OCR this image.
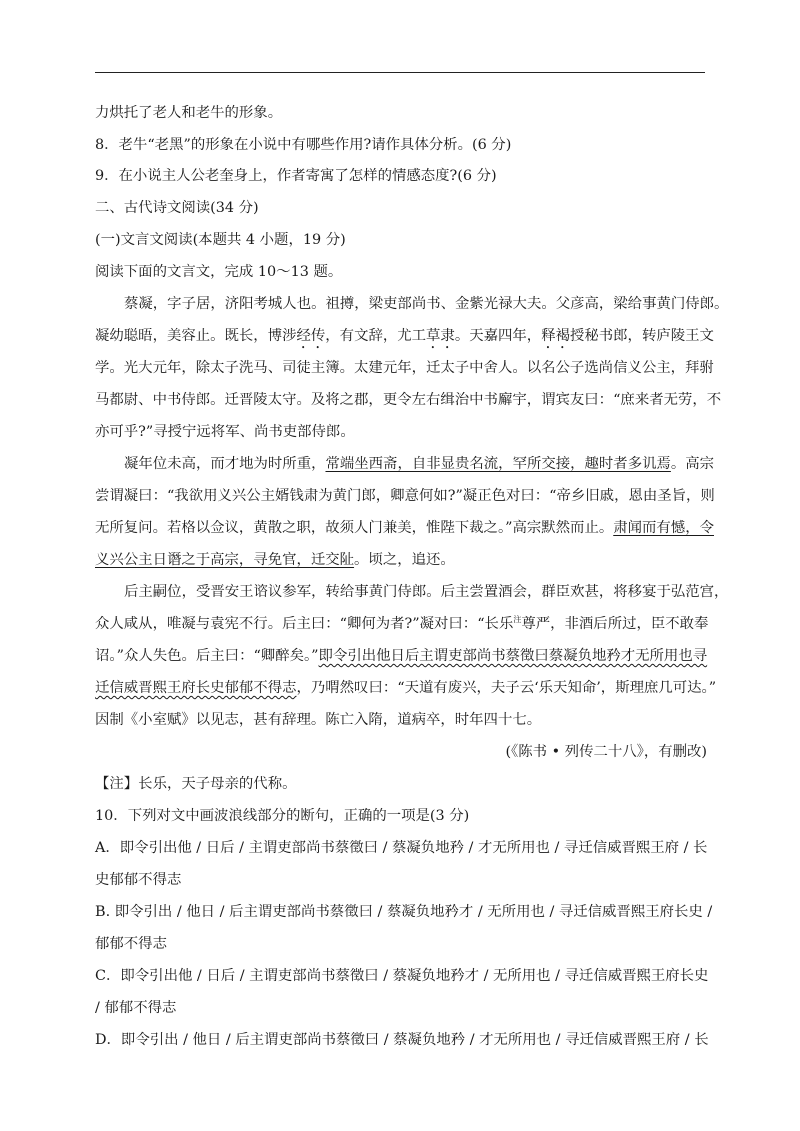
力烘托了老人和老牛的形象。
8．老牛“老黑”的形象在小说中有哪些作用?请作具体分析。(6 分)
9．在小说主人公老奎身上，作者寄寓了怎样的情感态度?(6 分)
二、古代诗文阅读(34 分)
(一)文言文阅读(本题共 4 小题，19 分)
阅读下面的文言文，完成 10～13 题。
蔡凝，字子居，济阳考城人也。祖撙，梁吏部尚书、金紫光禄大夫。父彦高，梁给事黄门侍郎。
凝幼聪晤，美容止。既长，博涉经传，有文辞，尤工草隶。天嘉四年，释褐授秘书郎，转庐陵王文
学。光大元年，除太子洗马、司徒主簿。太建元年，迁太子中舍人。以名公子选尚信义公主，拜驸
马都尉、中书侍郎。迁晋陵太守。及将之郡，更令左右缉治中书廨宇，谓宾友曰：“庶来者无劳，不
亦可乎?”寻授宁远将军、尚书吏部侍郎。
凝年位未高，而才地为时所重，常端坐西斋，自非显贵名流，罕所交接，趣时者多讥焉。高宗
尝谓凝曰：“我欲用义兴公主婿钱肃为黄门郎，卿意何如?”凝正色对曰：“帝乡旧戚，恩由圣旨，则
无所复问。若格以佥议，黄散之职，故须人门兼美，惟陛下裁之。”高宗默然而止。肃闻而有憾，令
义兴公主日谮之于高宗，寻免官，迁交阯。顷之，追还。
后主嗣位，受晋安王谘议参军，转给事黄门侍郎。后主尝置酒会，群臣欢甚，将移宴于弘范宫，
众人咸从，唯凝与袁宪不行。后主曰：“卿何为者?”凝对曰：“长乐$^注$尊严，非酒后所过，臣不敢奉
诏。”众人失色。后主曰：“卿醉矣。”即令引出他日后主谓吏部尚书蔡徵曰蔡凝负地矜才无所用也寻
迁信威晋熙王府长史郁郁不得志，乃喟然叹曰：“天道有废兴，夫子云‘乐天知命’，斯理庶几可达。”
因制《小室赋》以见志，甚有辞理。陈亡入隋，道病卒，时年四十七。
(《陈书 • 列传二十八》，有删改)
【注】长乐，天子母亲的代称。
10．下列对文中画波浪线部分的断句，正确的一项是(3 分)
A．即令引出他 / 日后 / 主谓吏部尚书蔡徵曰 / 蔡凝负地矜 / 才无所用也 / 寻迁信威晋熙王府 / 长
史郁郁不得志
B. 即令引出 / 他日 / 后主谓吏部尚书蔡徵曰 / 蔡凝负地矜才 / 无所用也 / 寻迁信威晋熙王府长史 /
郁郁不得志
C．即令引出他 / 日后 / 主谓吏部尚书蔡徵曰 / 蔡凝负地矜才 / 无所用也 / 寻迁信威晋熙王府长史
/ 郁郁不得志
D．即令引出 / 他日 / 后主谓吏部尚书蔡徵曰 / 蔡凝负地矜 / 才无所用也 / 寻迁信威晋熙王府 / 长
